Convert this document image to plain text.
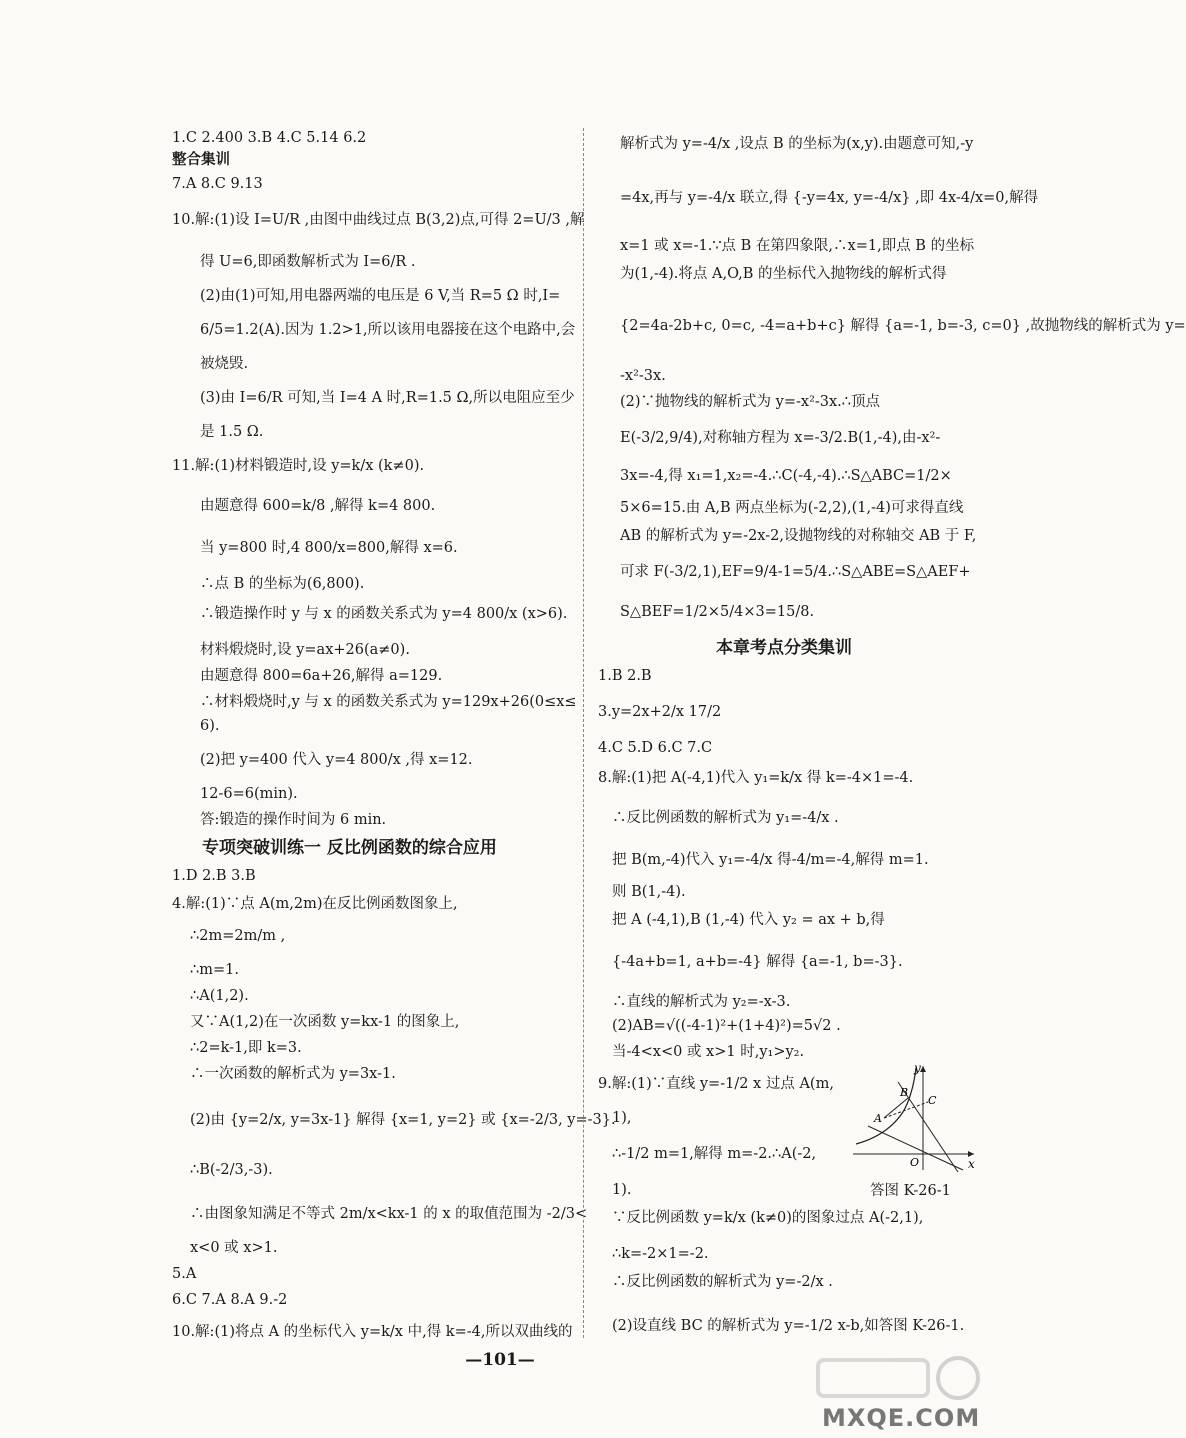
1.C 2.400 3.B 4.C 5.14 6.2
整合集训
7.A 8.C 9.13
10.解:(1)设 I=U/R ,由图中曲线过点 B(3,2)点,可得 2=U/3 ,解
得 U=6,即函数解析式为 I=6/R .
(2)由(1)可知,用电器两端的电压是 6 V,当 R=5 Ω 时,I=
6/5=1.2(A).因为 1.2>1,所以该用电器接在这个电路中,会
被烧毁.
(3)由 I=6/R 可知,当 I=4 A 时,R=1.5 Ω,所以电阻应至少
是 1.5 Ω.
11.解:(1)材料锻造时,设 y=k/x (k≠0).
由题意得 600=k/8 ,解得 k=4 800.
当 y=800 时,4 800/x=800,解得 x=6.
∴点 B 的坐标为(6,800).
∴锻造操作时 y 与 x 的函数关系式为 y=4 800/x (x>6).
材料煅烧时,设 y=ax+26(a≠0).
由题意得 800=6a+26,解得 a=129.
∴材料煅烧时,y 与 x 的函数关系式为 y=129x+26(0≤x≤
6).
(2)把 y=400 代入 y=4 800/x ,得 x=12.
12-6=6(min).
答:锻造的操作时间为 6 min.
专项突破训练一 反比例函数的综合应用
1.D 2.B 3.B
4.解:(1)∵点 A(m,2m)在反比例函数图象上,
∴2m=2m/m ,
∴m=1.
∴A(1,2).
又∵A(1,2)在一次函数 y=kx-1 的图象上,
∴2=k-1,即 k=3.
∴一次函数的解析式为 y=3x-1.
(2)由 {y=2/x, y=3x-1} 解得 {x=1, y=2} 或 {x=-2/3, y=-3}.
∴B(-2/3,-3).
∴由图象知满足不等式 2m/x<kx-1 的 x 的取值范围为 -2/3<
x<0 或 x>1.
5.A
6.C 7.A 8.A 9.-2
10.解:(1)将点 A 的坐标代入 y=k/x 中,得 k=-4,所以双曲线的
解析式为 y=-4/x ,设点 B 的坐标为(x,y).由题意可知,-y
=4x,再与 y=-4/x 联立,得 {-y=4x, y=-4/x} ,即 4x-4/x=0,解得
x=1 或 x=-1.∵点 B 在第四象限,∴x=1,即点 B 的坐标
为(1,-4).将点 A,O,B 的坐标代入抛物线的解析式得
{2=4a-2b+c, 0=c, -4=a+b+c} 解得 {a=-1, b=-3, c=0} ,故抛物线的解析式为 y=
-x²-3x.
(2)∵抛物线的解析式为 y=-x²-3x.∴顶点
E(-3/2,9/4),对称轴方程为 x=-3/2.B(1,-4),由-x²-
3x=-4,得 x₁=1,x₂=-4.∴C(-4,-4).∴S△ABC=1/2×
5×6=15.由 A,B 两点坐标为(-2,2),(1,-4)可求得直线
AB 的解析式为 y=-2x-2,设抛物线的对称轴交 AB 于 F,
可求 F(-3/2,1),EF=9/4-1=5/4.∴S△ABE=S△AEF+
S△BEF=1/2×5/4×3=15/8.
本章考点分类集训
1.B 2.B
3.y=2x+2/x 17/2
4.C 5.D 6.C 7.C
8.解:(1)把 A(-4,1)代入 y₁=k/x 得 k=-4×1=-4.
∴反比例函数的解析式为 y₁=-4/x .
把 B(m,-4)代入 y₁=-4/x 得-4/m=-4,解得 m=1.
则 B(1,-4).
把 A (-4,1),B (1,-4) 代入 y₂ = ax + b,得
{-4a+b=1, a+b=-4} 解得 {a=-1, b=-3}.
∴直线的解析式为 y₂=-x-3.
(2)AB=√((-4-1)²+(1+4)²)=5√2 .
当-4<x<0 或 x>1 时,y₁>y₂.
9.解:(1)∵直线 y=-1/2 x 过点 A(m,
1),
∴-1/2 m=1,解得 m=-2.∴A(-2,
1).
∵反比例函数 y=k/x (k≠0)的图象过点 A(-2,1),
∴k=-2×1=-2.
∴反比例函数的解析式为 y=-2/x .
(2)设直线 BC 的解析式为 y=-1/2 x-b,如答图 K-26-1.
y
x
O
A
B
C
答图 K-26-1
—101—
MXQE.COM
